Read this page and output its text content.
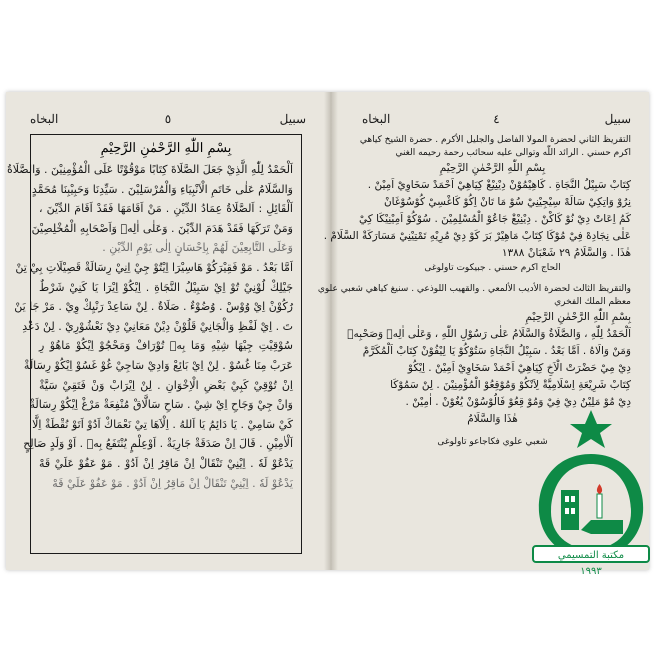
البخاه	٥	سبیل
بِسْمِ اللّٰهِ الرَّحْمٰنِ الرَّحِيْمِ
اَلْحَمْدُ لِلّٰهِ الَّذِيْ جَعَلَ الصَّلَاةَ كِتَابًا مَوْقُوْتًا عَلَى الْمُؤْمِنِيْنَ . وَالصَّلَاةُ
وَالسَّلَامُ عَلٰى خَاتَمِ الْاَنْبِيَاءِ وَالْمُرْسَلِيْنَ . سَيِّدِنَا وَحَبِيْبِنَا مُحَمَّدٍ
اَلْقَائِلِ : اَلصَّلَاةُ عِمَادُ الدِّيْنِ . مَنْ اَقَامَهَا فَقَدْ اَقَامَ الدِّيْنَ ،
وَمَنْ تَرَكَهَا فَقَدْ هَدَمَ الدِّيْنَ . وَعَلٰى اٰلِهٖ وَاَصْحَابِهِ الْمُخْلِصِيْنَ
وَعَلَى التَّابِعِيْنَ لَهُمْ بِاِحْسَانٍ اِلٰى يَوْمِ الدِّيْنِ .
اَمَّا بَعْدُ . مَوْ فَقِيْرَكُوْ هَاسِيْرَا اِيْتُوْ جِيْ اِنِيْ رِسَالَةْ قَصِيْلَاتِ بِيْ تِنْ
جَيْلِكْ لُوْنِيْ تُوْ اِيْ سَبِيْلُ النَّجَاةِ . اِيْكُوْ اِيْرَا يَا كَنِيْ شَرْطٌ
رُكُوْنْ اِيْ وُوْسْ . وُضُوْءٌ . صَلَاةٌ . لِنْ سَاعِدْ رَنْيِكْ وِيْ . مَرْ جَا يَنْ
تَ . اِيْ لَفْظِ وَالْجَانِيْ قَلُوْنْ دِيْنْ مَعَانِيْ دِيْ نَعْشُوْرِيْ . لِنْ دَعْدِ
سُوْقِيْتِ جِيْهَا شِيْهِ وَمَا بِهٖ تُوْرَافْ وَمَحْجُوْ اِيْكُوْ مَاهُوْ رِ
عَرَبْ مِنَا غُسُوْ . لِنْ اِيْ بَائِعْ وَادِيْ سَاجِيْ غُوْ غَسُوْ اِيْكُوْ رِسَالَةْ
اِنْ تُوْقِيْ كَبِيْ بَعْضِ الْاِخْوَانِ . لِنْ اِيْرَابْ وَنْ فَتَقِيْ سَيَّةْ
وَانْ جِيْ وَجَاحِ اِيْ شِيْ . سَاحِ سَالَّاقْ مُنْفِعَةْ مَرْغْ اِيْكُوْ رِسَالَةْ
كَيْ سَامِيْ . يَا دَائِمُ يَا اَللهُ . اِلْاَهَا تِيْ نَعْمَاكْ اَدُوْ اَتَوْ نُقْطَةْ اِلَّا
اَلْاٰمِيْنِ . قَالَ اِنْ صَدَقَةْ جَارِيَةْ . اَوْعِلْمٍ يُنْتَفَعُ بِهٖ . اَوْ وَلَدٍ صَالِحٍ
يَدْعُوْ لَهٗ . اِيْنِيْ تَنْقَالْ اِنْ مَاقِرُ اِنْ اَدُوْ . مَوْ عَفُوْ عَلَيْ قَهْ
يَدْعُوْ لَهٗ . اِيْنِيْ تَنْقَالْ اِنْ مَاقِرُ اِنْ اَدُوْ . مَوْ عَفُوْ عَلَيْ قَهْ
البخاه	٤	سبیل
التقريظ الثاني لحضرة المولا الفاضل والجليل الأكرم . حضرة الشيخ كياهي
اكرم حسني . الرائد اللّٰه وتوالى عليه سحائب رحمة رحيمه الغني
بِسْمِ اللّٰهِ الرَّحْمٰنِ الرَّحِيْمِ
كِتَابْ سَبِيْلُ النَّجَاةِ . كَاهِيْمُوْنْ دِيْنِيْغْ كِيَاهِيْ اَحْمَدْ سَخَاوِيْ اَمِيْنْ .
نِرُوْ وَاتِكِيْ سَالَهْ سِيْجِيْنِيْ سُوْ مَا تَانْ اِكُوْ كَاغْسِيْ كُوْسُوْغَانْ
كَمُ اِعَاتْ دِيْ نُوْ كَاكْنْ . دِيْنِيْغْ جَاعُوْ الْمُسْلِمِيْنَ . سُوْكُوْ اَمِيْنِيْكَا كِيْ
عَلٰى نِجَادِهْ فِيْ مُوْكَا كِتَابْ مَاهِيْرْ بَرَ كَوْ دِيْ مُرِيْهِ تَمْتِيْنِيْ مَسَارَكَةْ السَّلَامْ .
هٰذَا . وَالسَّلَامُ ٢٩ شَعْبَانْ ١٣٨٨
الحاج اكرم حسني . جبيكوت تاولوغى
والتقريظ الثالث لحضرة الأديب الألمعي . والقهيب اللوذعي . سنيغ كياهي شعبي علوي
معظم الملك الفخري
بِسْمِ اللّٰهِ الرَّحْمٰنِ الرَّحِيْمِ
اَلْحَمْدُ لِلّٰهِ ، وَالصَّلَاةُ وَالسَّلَامُ عَلٰى رَسُوْلِ اللّٰهِ ، وَعَلٰى اٰلِهٖ وَصَحْبِهٖ
وَمَنْ وَالَاهُ . اَمَّا بَعْدُ . سَبِيْلُ النَّجَاةِ سَتُوْكُوْ يَا لِيْفُوْنْ كِتَابْ اَلْمُكَرَّمْ
دِيْ مِيْ حَضْرَتْ الْاَخِ كِيَاهِيْ اَحْمَدْ سَخَاوِيْ اَمِيْنْ . اِيْكُوْ
كِتَابْ شَرِيْعَةِ اِسْلَامِيَّةْ لِاَنْكُوْ وَمُوْقِعُوْ الْمُؤْمِنِيْنَ . لِنْ سَمُوْكَا
دِيْ مُوْ مَلِيْنُ دِيْ فِيْ وَمُوْ قِعُوْ فَالُوْسُوْنْ يُغُوْنْ . اٰمِيْنْ .
هٰذَا وَالسَّلَامُ
شعبي علوي فكاجاعو تاولوغى
مكتبة التمسيمي
١٩٩٣
